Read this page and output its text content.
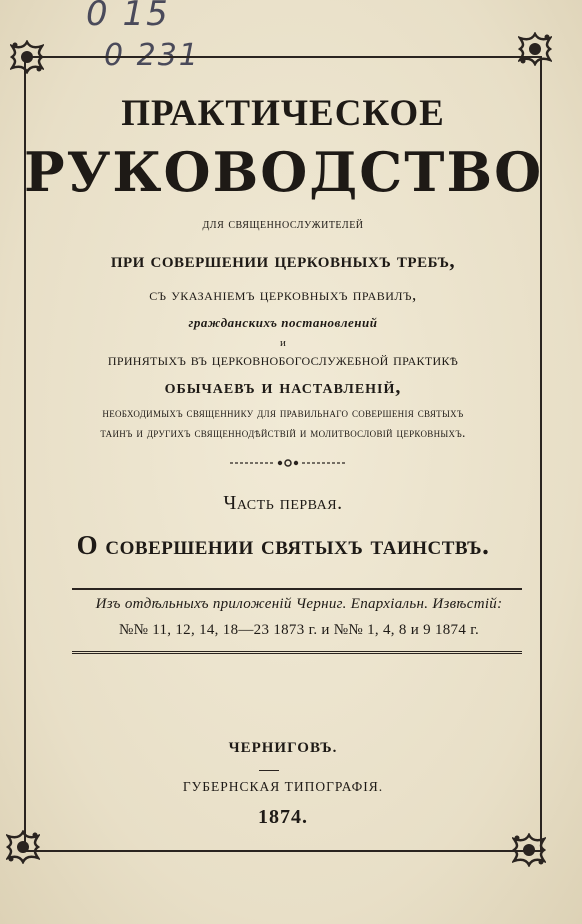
0 15
0 231
ПРАКТИЧЕСКОЕ
РУКОВОДСТВО
для священнослужителей
при совершении церковныхъ требъ,
съ указаніемъ церковныхъ правилъ,
гражданскихъ постановлений
и
принятыхъ въ церковнобогослужебной практикѣ
обычаевъ и наставленій,
необходимыхъ священнику для правильнаго совершенія святыхъ
таинъ и другихъ священнодѣйствій и молитвословій церковныхъ.
Часть первая.
О совершении святыхъ таинствъ.
Изъ отдѣльныхъ приложеній Черниг. Епархіальн. Извѣстій:
№№ 11, 12, 14, 18—23 1873 г. и №№ 1, 4, 8 и 9 1874 г.
ЧЕРНИГОВЪ.
ГУБЕРНСКАЯ ТИПОГРАФІЯ.
1874.
